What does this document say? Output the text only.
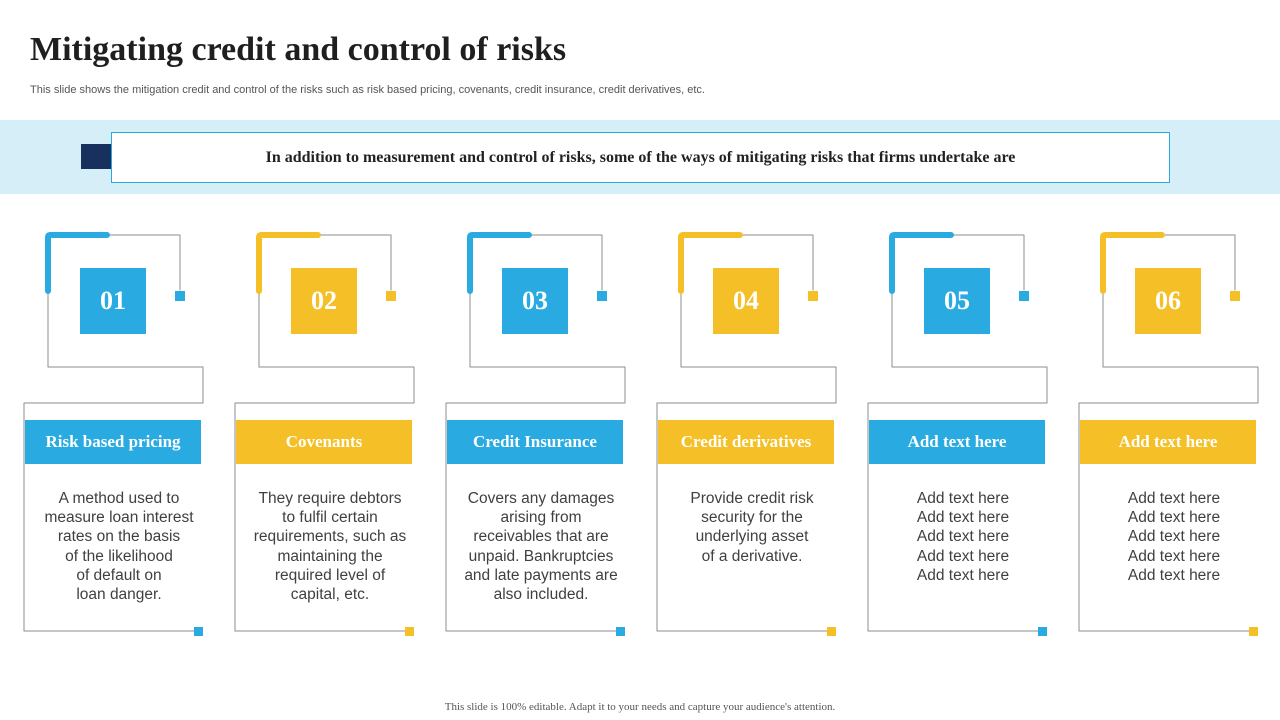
Mitigating credit and control of risks
This slide shows the mitigation credit and control of the risks such as risk based pricing, covenants, credit insurance, credit derivatives, etc.
In addition to measurement and control of risks, some of the ways of mitigating risks that firms undertake are
01
Risk based pricing
A method used to
measure loan interest
rates on the basis
of the likelihood
of default on
loan danger.
02
Covenants
They require debtors
to fulfil certain
requirements, such as
maintaining the
required level of
capital, etc.
03
Credit Insurance
Covers any damages
arising from
receivables that are
unpaid. Bankruptcies
and late payments are
also included.
04
Credit derivatives
Provide credit risk
security for the
underlying asset
of a derivative.
05
Add text here
Add text here
Add text here
Add text here
Add text here
Add text here
06
Add text here
Add text here
Add text here
Add text here
Add text here
Add text here
This slide is 100% editable. Adapt it to your needs and capture your audience's attention.
